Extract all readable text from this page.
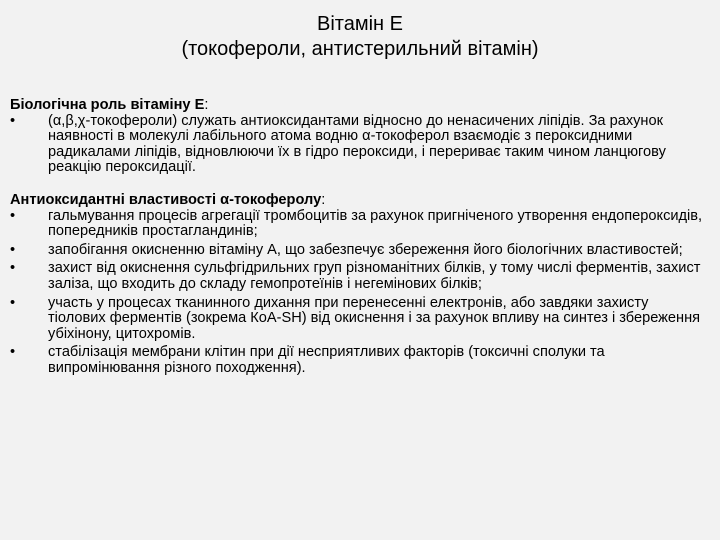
Вітамін Е
(токофероли, антистерильний вітамін)

Біологічна роль вітаміну Е:

• (α,β,χ-токофероли) служать антиоксидантами відносно до ненасичених ліпідів. За рахунок наявності в молекулі лабільного атома водню α-токоферол взаємодіє з пероксидними радикалами ліпідів, відновлюючи їх в гідро пероксиди, і перериває таким чином ланцюгову реакцію пероксидації.

Антиоксидантні властивості α-токоферолу:

• гальмування процесів агрегації тромбоцитів за рахунок пригніченого утворення ендопероксидів, попередників простагландинів;
• запобігання окисненню вітаміну А, що забезпечує збереження його біологічних властивостей;
• захист від окиснення сульфгідрильних груп різноманітних білків, у тому числі ферментів, захист заліза, що входить до складу гемопротеїнів і негемінових білків;
• участь у процесах тканинного дихання при перенесенні електронів, або завдяки захисту тіолових ферментів (зокрема КоА-SH) від окиснення і за рахунок впливу на синтез і збереження убіхінону, цитохромів.
• стабілізація мембрани клітин при дії несприятливих факторів (токсичні сполуки та випромінювання різного походження).
